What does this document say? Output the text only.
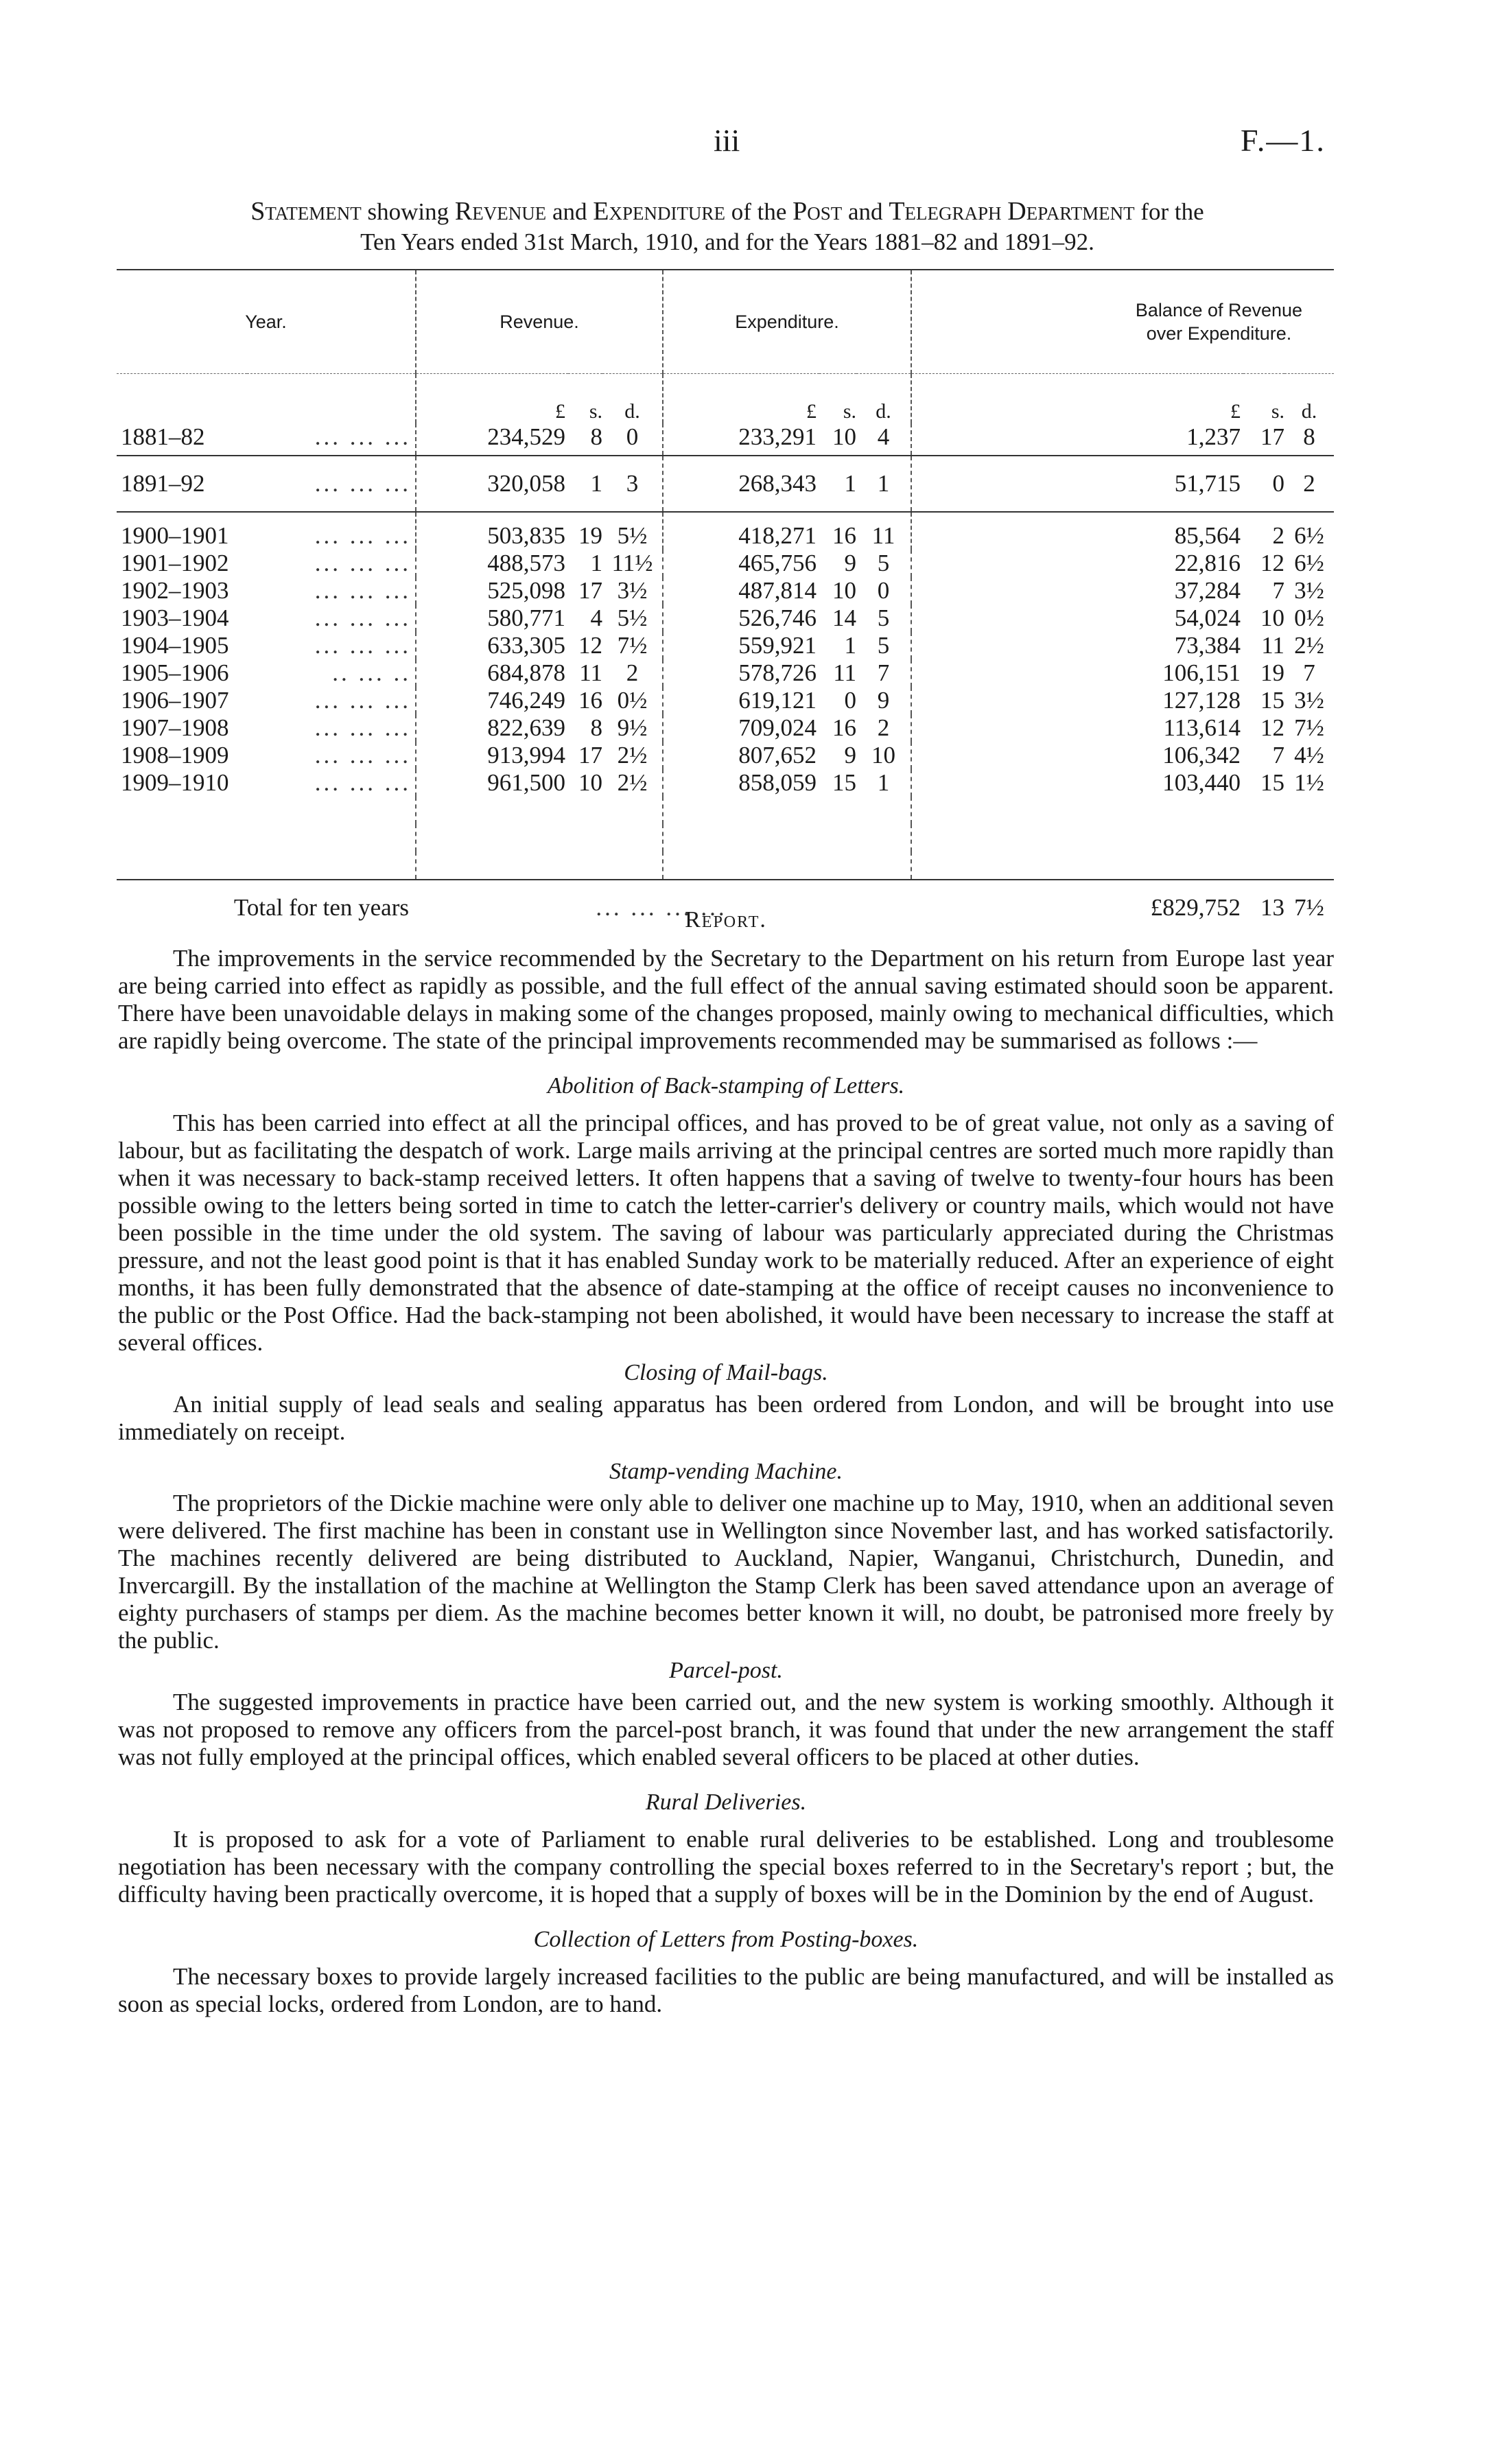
iii	F.—1.
Statement showing Revenue and Expenditure of the Post and Telegraph Department for the
Ten Years ended 31st March, 1910, and for the Years 1881–82 and 1891–92.
Year.		Revenue.			Expenditure.			Balance of Revenue
over Expenditure.		
		£	s.	d.	£	s.	d.	£	s.	d.
1881–82	... ... ...	234,529	8	0	233,291	10	4	1,237	17	8
1891–92	... ... ...	320,058	1	3	268,343	1	1	51,715	0	2
1900–1901	... ... ...	503,835	19	5½	418,271	16	11	85,564	2	6½
1901–1902	... ... ...	488,573	1	11½	465,756	9	5	22,816	12	6½
1902–1903	... ... ...	525,098	17	3½	487,814	10	0	37,284	7	3½
1903–1904	... ... ...	580,771	4	5½	526,746	14	5	54,024	10	0½
1904–1905	... ... ...	633,305	12	7½	559,921	1	5	73,384	11	2½
1905–1906	.. ... ..	684,878	11	2	578,726	11	7	106,151	19	7
1906–1907	... ... ...	746,249	16	0½	619,121	0	9	127,128	15	3½
1907–1908	... ... ...	822,639	8	9½	709,024	16	2	113,614	12	7½
1908–1909	... ... ...	913,994	17	2½	807,652	9	10	106,342	7	4½
1909–1910	... ... ...	961,500	10	2½	858,059	15	1	103,440	15	1½

Total for ten years		... ... ... ...						£829,752	13	7½
Report.

The improvements in the service recommended by the Secretary to the Department on his return from Europe last year are being carried into effect as rapidly as possible, and the full effect of the annual saving estimated should soon be apparent. There have been unavoidable delays in making some of the changes proposed, mainly owing to mechanical difficulties, which are rapidly being overcome. The state of the principal improvements recommended may be summarised as follows :—

Abolition of Back-stamping of Letters.

This has been carried into effect at all the principal offices, and has proved to be of great value, not only as a saving of labour, but as facilitating the despatch of work. Large mails arriving at the principal centres are sorted much more rapidly than when it was necessary to back-stamp received letters. It often happens that a saving of twelve to twenty-four hours has been possible owing to the letters being sorted in time to catch the letter-carrier's delivery or country mails, which would not have been possible in the time under the old system. The saving of labour was particularly appreciated during the Christmas pressure, and not the least good point is that it has enabled Sunday work to be materially reduced. After an experience of eight months, it has been fully demonstrated that the absence of date-stamping at the office of receipt causes no inconvenience to the public or the Post Office. Had the back-stamping not been abolished, it would have been necessary to increase the staff at several offices.

Closing of Mail-bags.

An initial supply of lead seals and sealing apparatus has been ordered from London, and will be brought into use immediately on receipt.

Stamp-vending Machine.

The proprietors of the Dickie machine were only able to deliver one machine up to May, 1910, when an additional seven were delivered. The first machine has been in constant use in Wellington since November last, and has worked satisfactorily. The machines recently delivered are being distributed to Auckland, Napier, Wanganui, Christchurch, Dunedin, and Invercargill. By the installation of the machine at Wellington the Stamp Clerk has been saved attendance upon an average of eighty purchasers of stamps per diem. As the machine becomes better known it will, no doubt, be patronised more freely by the public.

Parcel-post.

The suggested improvements in practice have been carried out, and the new system is working smoothly. Although it was not proposed to remove any officers from the parcel-post branch, it was found that under the new arrangement the staff was not fully employed at the principal offices, which enabled several officers to be placed at other duties.

Rural Deliveries.

It is proposed to ask for a vote of Parliament to enable rural deliveries to be established. Long and troublesome negotiation has been necessary with the company controlling the special boxes referred to in the Secretary's report ; but, the difficulty having been practically overcome, it is hoped that a supply of boxes will be in the Dominion by the end of August.

Collection of Letters from Posting-boxes.

The necessary boxes to provide largely increased facilities to the public are being manufactured, and will be installed as soon as special locks, ordered from London, are to hand.
